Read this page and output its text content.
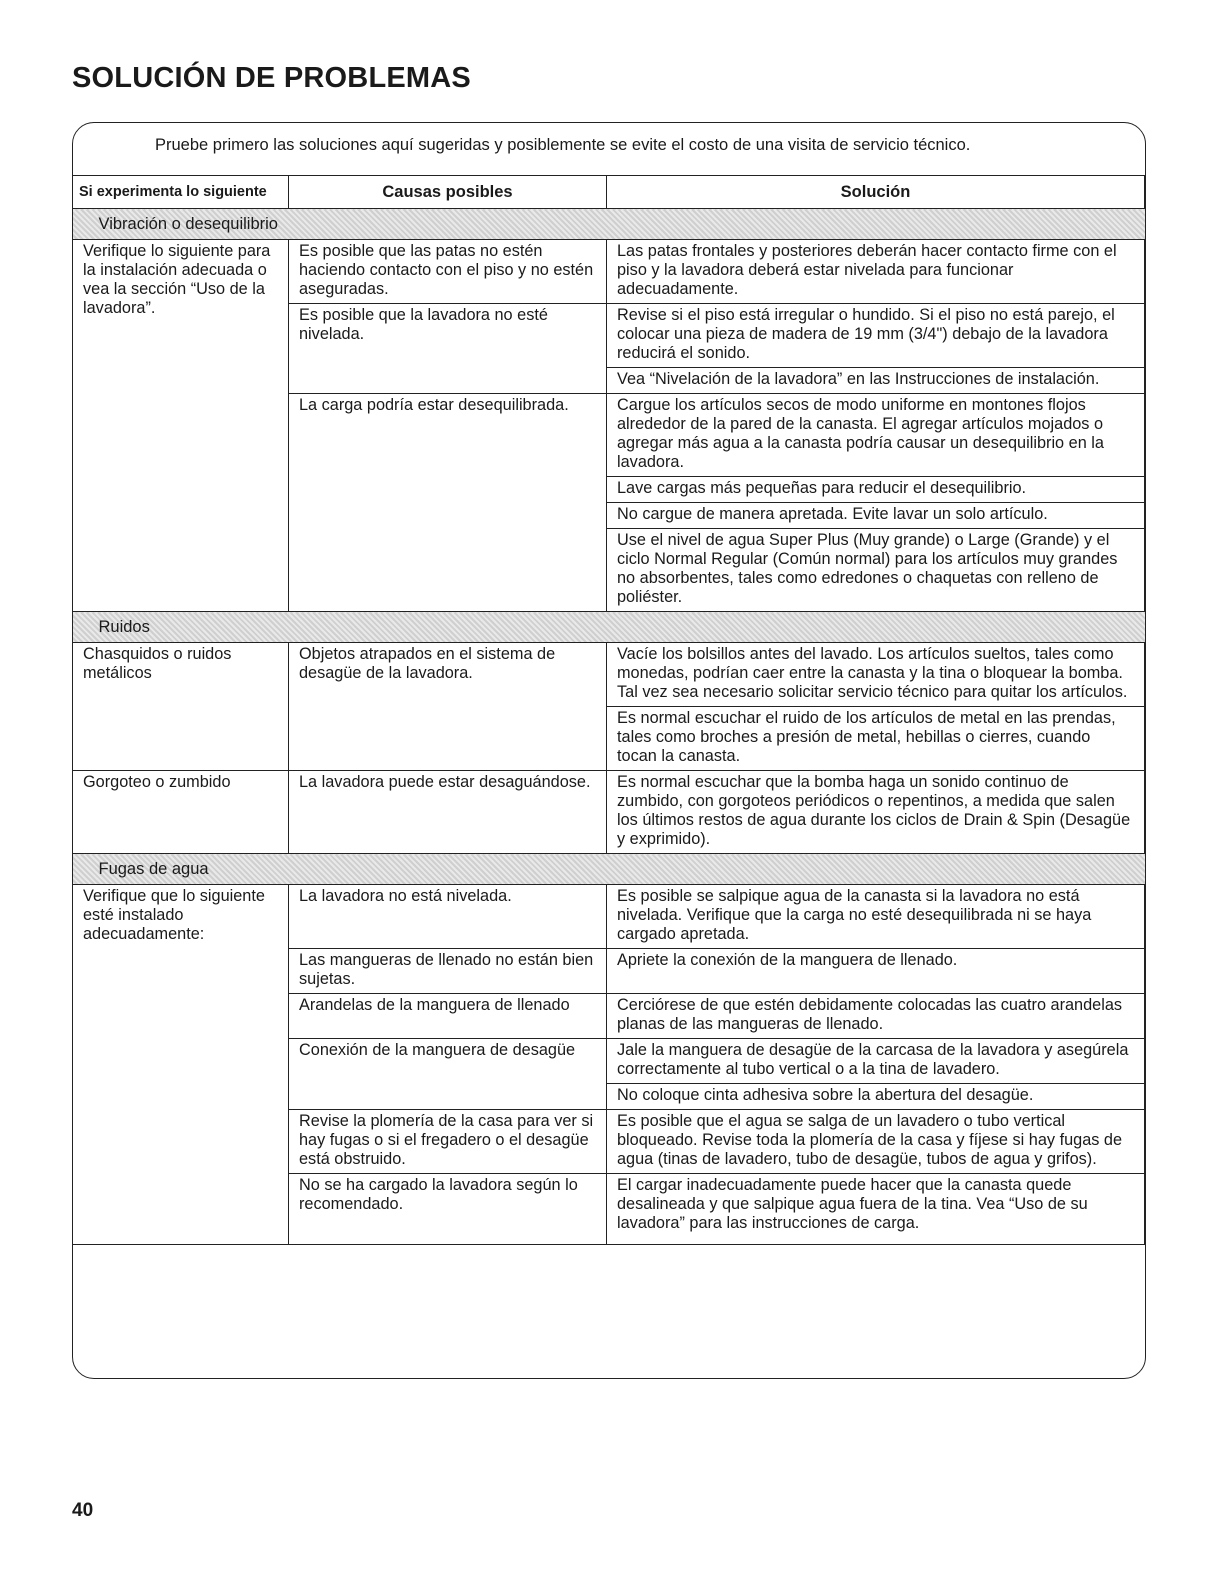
SOLUCIÓN DE PROBLEMAS
Pruebe primero las soluciones aquí sugeridas y posiblemente se evite el costo de una visita de servicio técnico.
Si experimenta lo siguiente	Causas posibles	Solución
Vibración o desequilibrio		
Verifique lo siguiente para la instalación adecuada o vea la sección “Uso de la lavadora”.	Es posible que las patas no estén haciendo contacto con el piso y no estén aseguradas.	Las patas frontales y posteriores deberán hacer contacto firme con el piso y la lavadora deberá estar nivelada para funcionar adecuadamente.
	Es posible que la lavadora no esté nivelada.	Revise si el piso está irregular o hundido. Si el piso no está parejo, el colocar una pieza de madera de 19 mm (3/4") debajo de la lavadora reducirá el sonido.
		Vea “Nivelación de la lavadora” en las Instrucciones de instalación.
	La carga podría estar desequilibrada.	Cargue los artículos secos de modo uniforme en montones flojos alrededor de la pared de la canasta. El agregar artículos mojados o agregar más agua a la canasta podría causar un desequilibrio en la lavadora.
		Lave cargas más pequeñas para reducir el desequilibrio.
		No cargue de manera apretada. Evite lavar un solo artículo.
		Use el nivel de agua Super Plus (Muy grande) o Large (Grande) y el ciclo Normal Regular (Común normal) para los artículos muy grandes no absorbentes, tales como edredones o chaquetas con relleno de poliéster.
Ruidos		
Chasquidos o ruidos metálicos	Objetos atrapados en el sistema de desagüe de la lavadora.	Vacíe los bolsillos antes del lavado. Los artículos sueltos, tales como monedas, podrían caer entre la canasta y la tina o bloquear la bomba. Tal vez sea necesario solicitar servicio técnico para quitar los artículos.
		Es normal escuchar el ruido de los artículos de metal en las prendas, tales como broches a presión de metal, hebillas o cierres, cuando tocan la canasta.
Gorgoteo o zumbido	La lavadora puede estar desaguándose.	Es normal escuchar que la bomba haga un sonido continuo de zumbido, con gorgoteos periódicos o repentinos, a medida que salen los últimos restos de agua durante los ciclos de Drain & Spin (Desagüe y exprimido).
Fugas de agua		
Verifique que lo siguiente esté instalado adecuadamente:	La lavadora no está nivelada.	Es posible se salpique agua de la canasta si la lavadora no está nivelada. Verifique que la carga no esté desequilibrada ni se haya cargado apretada.
	Las mangueras de llenado no están bien sujetas.	Apriete la conexión de la manguera de llenado.
	Arandelas de la manguera de llenado	Cerciórese de que estén debidamente colocadas las cuatro arandelas planas de las mangueras de llenado.
	Conexión de la manguera de desagüe	Jale la manguera de desagüe de la carcasa de la lavadora y asegúrela correctamente al tubo vertical o a la tina de lavadero.
		No coloque cinta adhesiva sobre la abertura del desagüe.
	Revise la plomería de la casa para ver si hay fugas o si el fregadero o el desagüe está obstruido.	Es posible que el agua se salga de un lavadero o tubo vertical bloqueado. Revise toda la plomería de la casa y fíjese si hay fugas de agua (tinas de lavadero, tubo de desagüe, tubos de agua y grifos).
	No se ha cargado la lavadora según lo recomendado.	El cargar inadecuadamente puede hacer que la canasta quede desalineada y que salpique agua fuera de la tina. Vea “Uso de su lavadora” para las instrucciones de carga.
40
